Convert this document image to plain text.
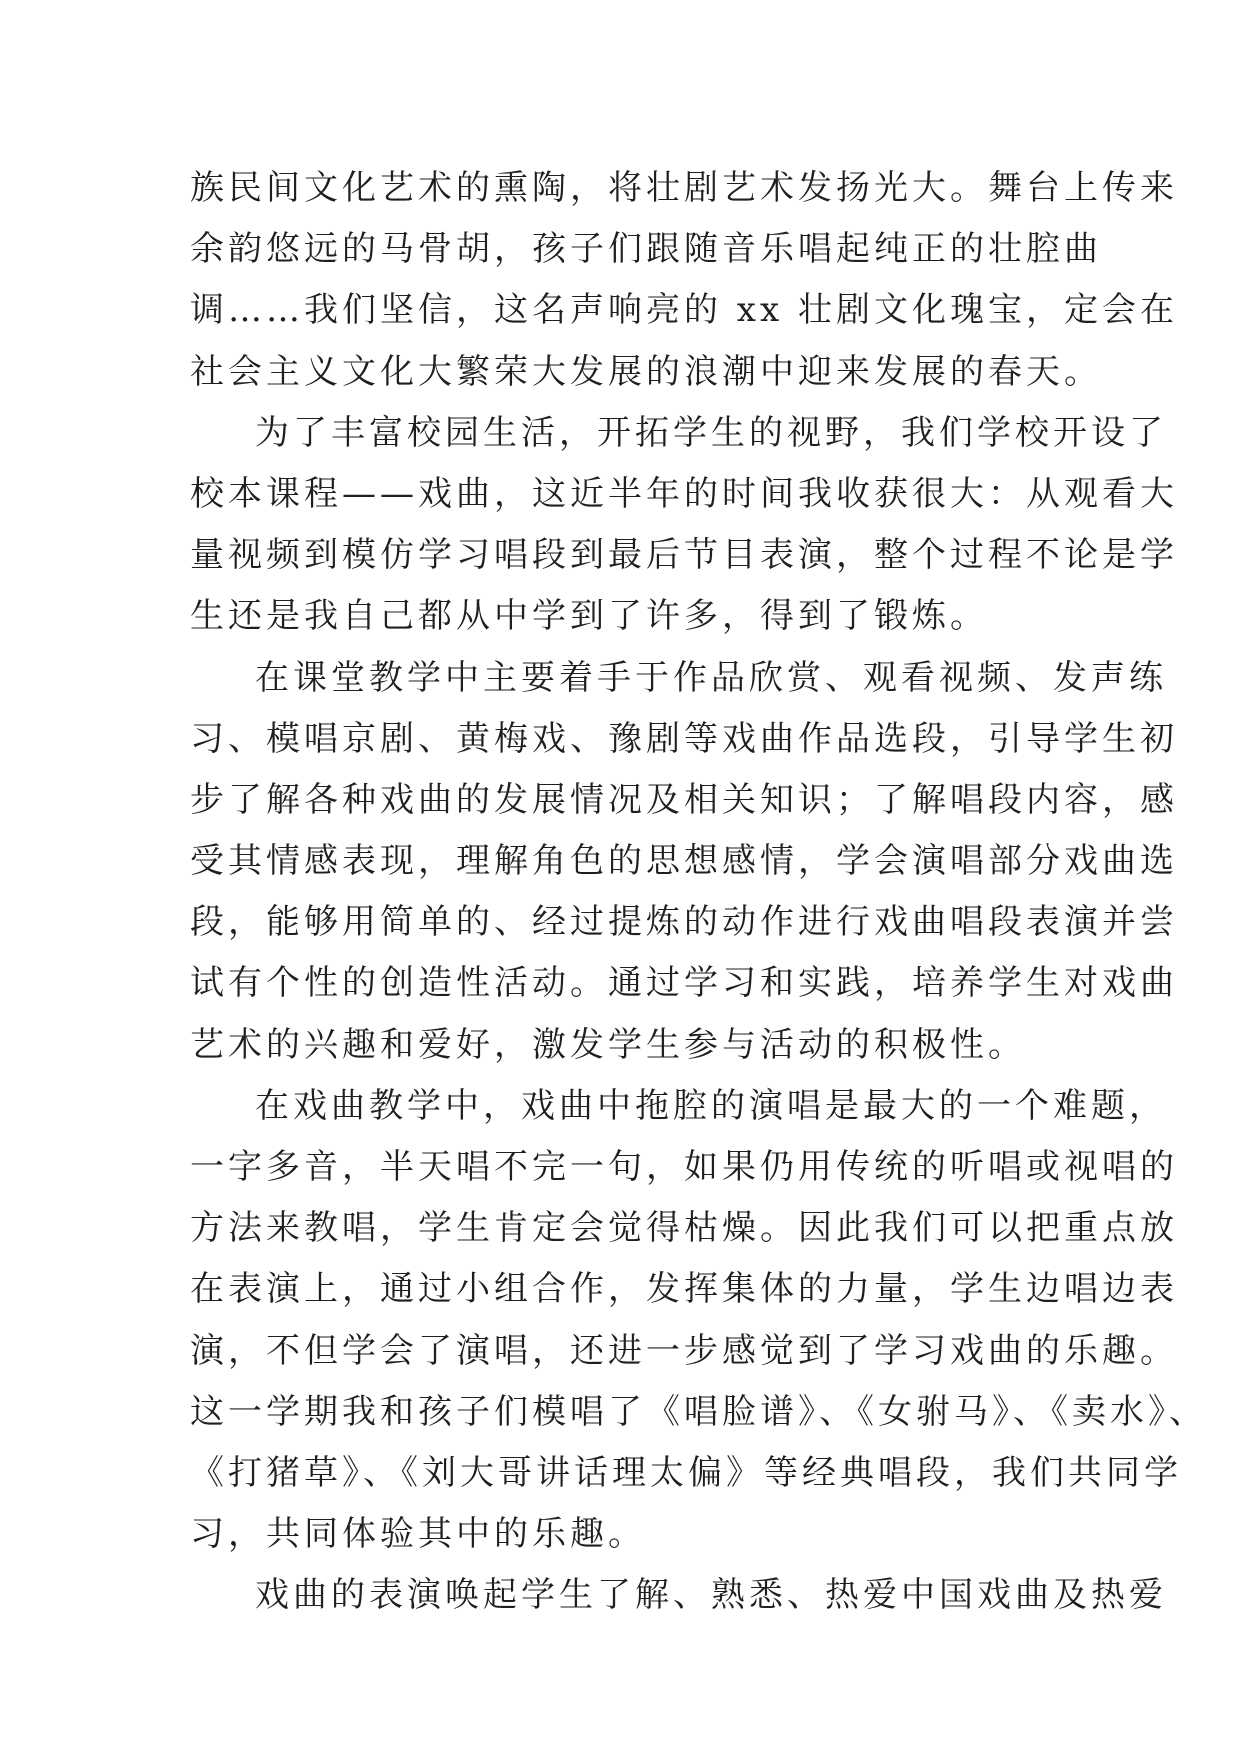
族民间文化艺术的熏陶，将壮剧艺术发扬光大。舞台上传来
余韵悠远的马骨胡，孩子们跟随音乐唱起纯正的壮腔曲
调……我们坚信，这名声响亮的 xx 壮剧文化瑰宝，定会在
社会主义文化大繁荣大发展的浪潮中迎来发展的春天。
为了丰富校园生活，开拓学生的视野，我们学校开设了
校本课程——戏曲，这近半年的时间我收获很大：从观看大
量视频到模仿学习唱段到最后节目表演，整个过程不论是学
生还是我自己都从中学到了许多，得到了锻炼。
在课堂教学中主要着手于作品欣赏、观看视频、发声练
习、模唱京剧、黄梅戏、豫剧等戏曲作品选段，引导学生初
步了解各种戏曲的发展情况及相关知识；了解唱段内容，感
受其情感表现，理解角色的思想感情，学会演唱部分戏曲选
段，能够用简单的、经过提炼的动作进行戏曲唱段表演并尝
试有个性的创造性活动。通过学习和实践，培养学生对戏曲
艺术的兴趣和爱好，激发学生参与活动的积极性。
在戏曲教学中，戏曲中拖腔的演唱是最大的一个难题，
一字多音，半天唱不完一句，如果仍用传统的听唱或视唱的
方法来教唱，学生肯定会觉得枯燥。因此我们可以把重点放
在表演上，通过小组合作，发挥集体的力量，学生边唱边表
演，不但学会了演唱，还进一步感觉到了学习戏曲的乐趣。
这一学期我和孩子们模唱了《唱脸谱》、《女驸马》、《卖水》、
《打猪草》、《刘大哥讲话理太偏》等经典唱段，我们共同学
习，共同体验其中的乐趣。
戏曲的表演唤起学生了解、熟悉、热爱中国戏曲及热爱
